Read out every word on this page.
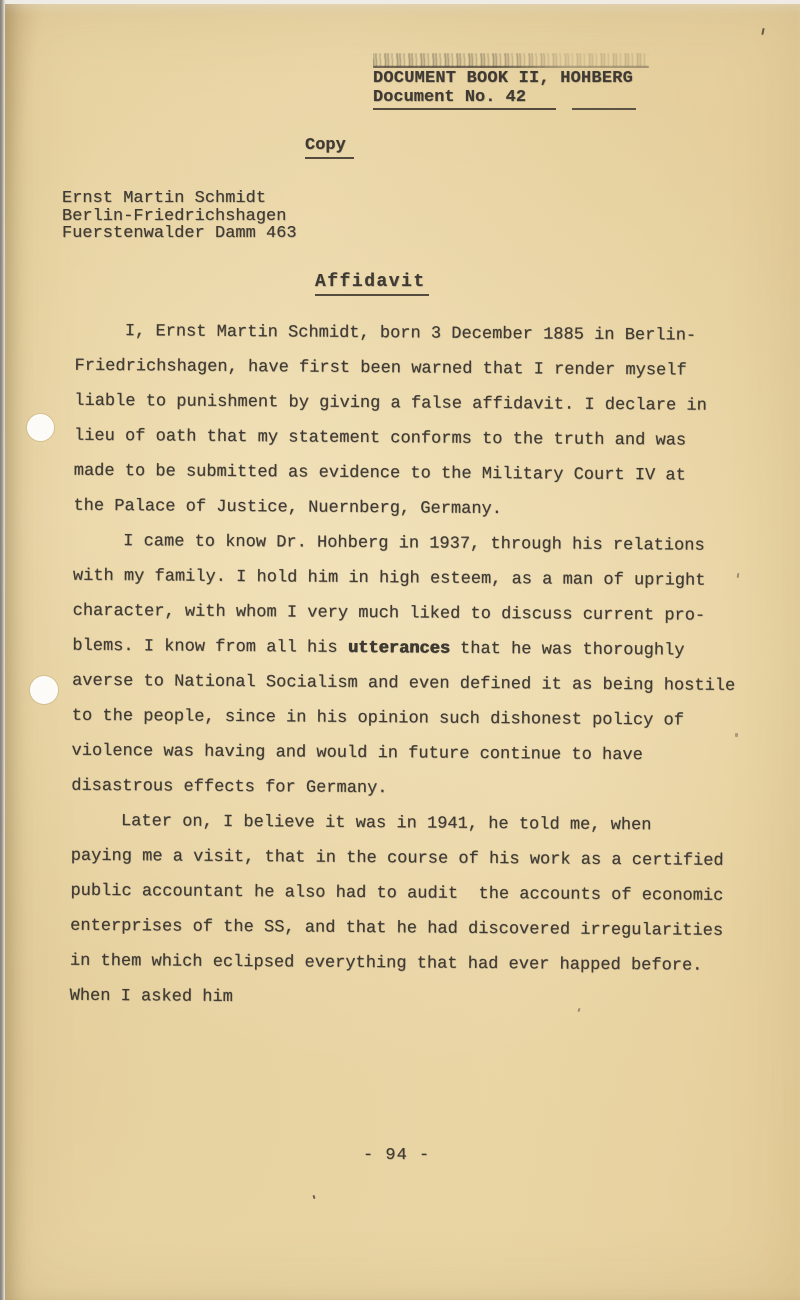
DOCUMENT BOOK II, HOHBERG
Document No. 42
Copy
Ernst Martin Schmidt
Berlin-Friedrichshagen
Fuerstenwalder Damm 463
Affidavit
I, Ernst Martin Schmidt, born 3 December 1885 in Berlin-
Friedrichshagen, have first been warned that I render myself
liable to punishment by giving a false affidavit. I declare in
lieu of oath that my statement conforms to the truth and was
made to be submitted as evidence to the Military Court IV at
the Palace of Justice, Nuernberg, Germany.
I came to know Dr. Hohberg in 1937, through his relations
with my family. I hold him in high esteem, as a man of upright
character, with whom I very much liked to discuss current pro-
blems. I know from all his utterances that he was thoroughly
averse to National Socialism and even defined it as being hostile
to the people, since in his opinion such dishonest policy of
violence was having and would in future continue to have
disastrous effects for Germany.
Later on, I believe it was in 1941, he told me, when
paying me a visit, that in the course of his work as a certified
public accountant he also had to audit  the accounts of economic
enterprises of the SS, and that he had discovered irregularities
in them which eclipsed everything that had ever happed before.
When I asked him
- 94 -
